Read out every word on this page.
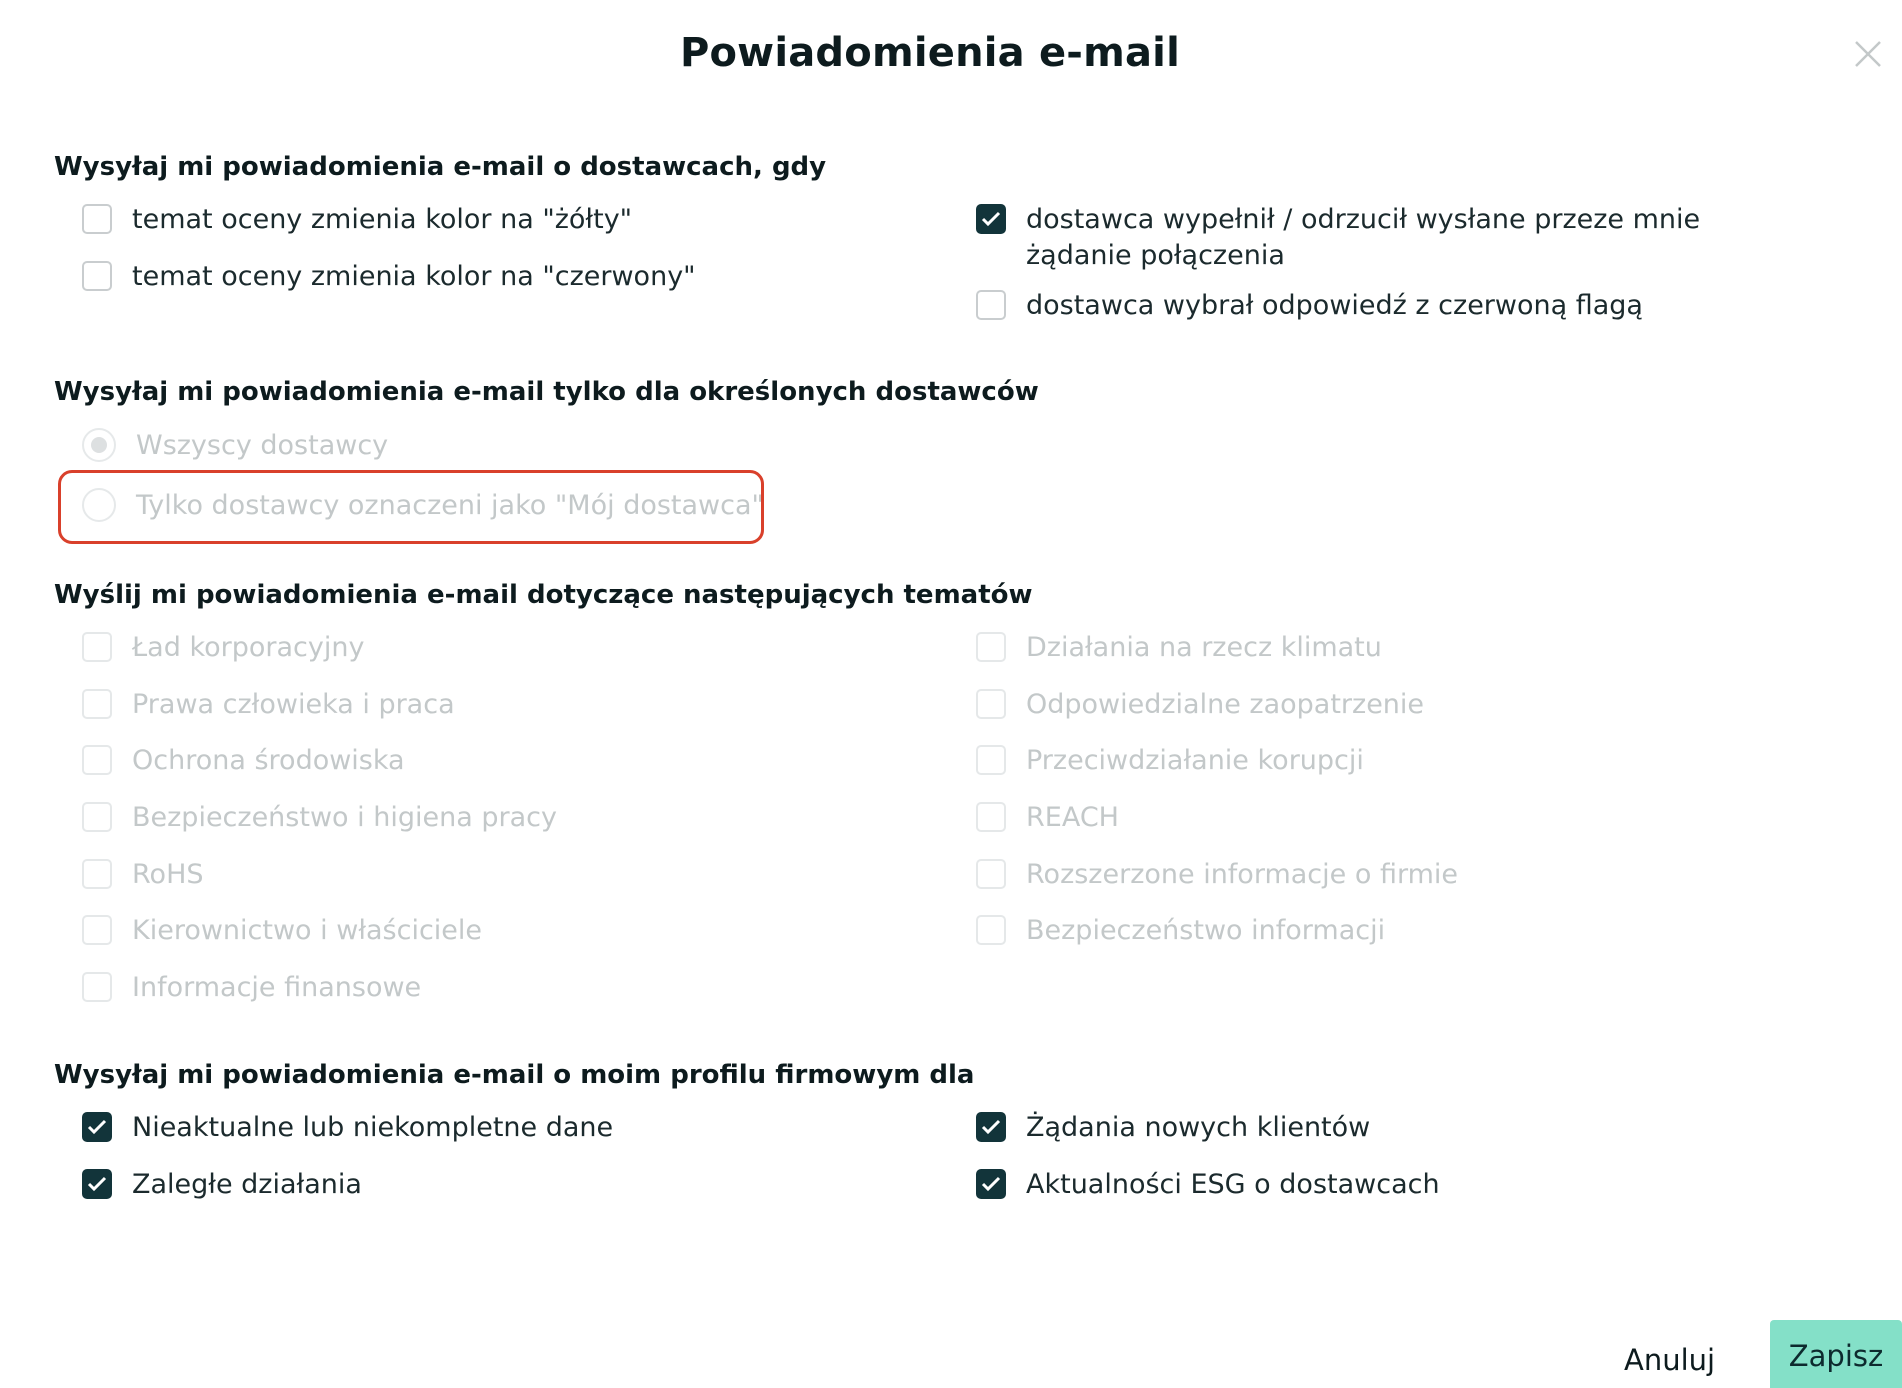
Powiadomienia e-mail
Wysyłaj mi powiadomienia e-mail o dostawcach, gdy
temat oceny zmienia kolor na "żółty"
temat oceny zmienia kolor na "czerwony"
dostawca wypełnił / odrzucił wysłane przeze mnie żądanie połączenia
dostawca wybrał odpowiedź z czerwoną flagą
Wysyłaj mi powiadomienia e-mail tylko dla określonych dostawców
Wszyscy dostawcy
Tylko dostawcy oznaczeni jako "Mój dostawca"
Wyślij mi powiadomienia e-mail dotyczące następujących tematów
Ład korporacyjny
Prawa człowieka i praca
Ochrona środowiska
Bezpieczeństwo i higiena pracy
RoHS
Kierownictwo i właściciele
Informacje finansowe
Działania na rzecz klimatu
Odpowiedzialne zaopatrzenie
Przeciwdziałanie korupcji
REACH
Rozszerzone informacje o firmie
Bezpieczeństwo informacji
Wysyłaj mi powiadomienia e-mail o moim profilu firmowym dla
Nieaktualne lub niekompletne dane
Zaległe działania
Żądania nowych klientów
Aktualności ESG o dostawcach
Anuluj	Zapisz
